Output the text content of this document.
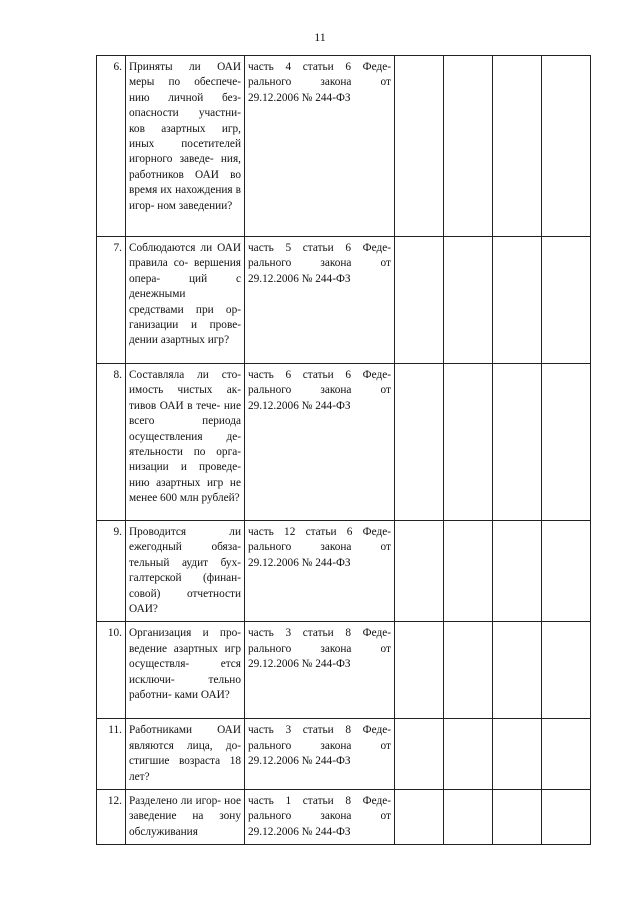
11
6.	Приняты ли ОАИ меры по обеспече- нию личной без- опасности участни- ков азартных игр, иных посетителей игорного заведе- ния, работников ОАИ во время их нахождения в игор- ном заведении?	часть 4 статьи 6 Феде- рального закона от 29.12.2006 № 244-ФЗ				
7.	Соблюдаются ли ОАИ правила со- вершения опера- ций с денежными средствами при ор- ганизации и прове- дении азартных игр?	часть 5 статьи 6 Феде- рального закона от 29.12.2006 № 244-ФЗ				
8.	Составляла ли сто- имость чистых ак- тивов ОАИ в тече- ние всего периода осуществления де- ятельности по орга- низации и проведе- нию азартных игр не менее 600 млн рублей?	часть 6 статьи 6 Феде- рального закона от 29.12.2006 № 244-ФЗ				
9.	Проводится ли ежегодный обяза- тельный аудит бух- галтерской (финан- совой) отчетности ОАИ?	часть 12 статьи 6 Феде- рального закона от 29.12.2006 № 244-ФЗ				
10.	Организация и про- ведение азартных игр осуществля- ется исключи- тельно работни- ками ОАИ?	часть 3 статьи 8 Феде- рального закона от 29.12.2006 № 244-ФЗ				
11.	Работниками ОАИ являются лица, до- стигшие возраста 18 лет?	часть 3 статьи 8 Феде- рального закона от 29.12.2006 № 244-ФЗ				
12.	Разделено ли игор- ное заведение на зону обслуживания	часть 1 статьи 8 Феде- рального закона от 29.12.2006 № 244-ФЗ				
